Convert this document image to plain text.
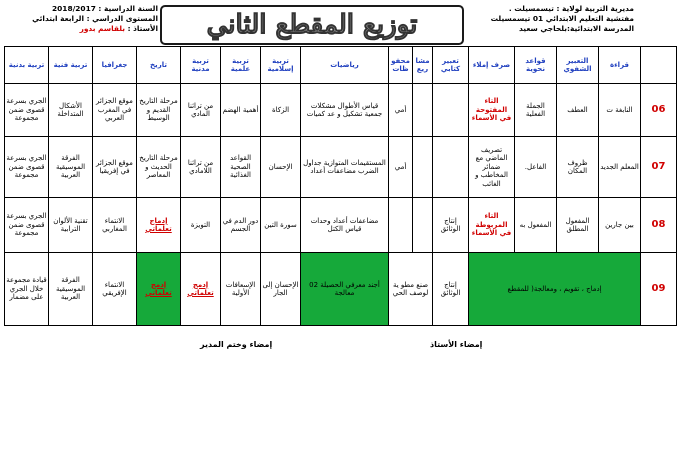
مديرية التربية لولاية : تيسمسيلت .
مفتشية التعليم الابتدائي 01 تيسمسيلت
المدرسة الابتدائية:بلحاجي سعيد
توزيع المقطع الثاني
السنة الدراسية : 2018/2017
المستوى الدراسي : الرابعة ابتدائي
الأستاذ : بلقاسم بدور
	قراءة	التعبير الشفوي	قواعد نحوية	صرف إملاء	تعبير كتابي	مشاريع	محفوظات	رياضيات	تربية إسلامية	تربية علمية	تربية مدنية	تاريخ	جغرافيا	تربية فنية	تربية بدنية
06	النابغة ت	العطف	الجملة الفعلية	التاء المفتوحة في الأسماء			أمي	قياس الأطوال مشكلات جمعية تشكيل و عد كميات	الزكاة	أهمية الهضم	من تراثنا المادي	مرحلة التاريخ القديم و الوسيط	موقع الجزائر في المغرب العربي	الأشكال المتداخلة	الجري بسرعة قصوى ضمن مجموعة
07	المعلم الجديد	ظروف المكان	الفاعل.	تصريف الماضي مع ضمائر المخاطب و الغائب			أمي	المستقيمات المتوازية جداول الضرب مضاعفات أعداد	الإحسان	القواعد الصحية الغذائية	من تراثنا اللامادي	مرحلة التاريخ الحديث و المعاصر	موقع الجزائر في إفريقيا	الفرقة الموسيقية العربية	الجري بسرعة قصوى ضمن مجموعة
08	بين جارين	المفعول المطلق	المفعول به	التاء المربوطة في الأسماء	إنتاج الوثائق			مضاعفات أعداد وحدات قياس الكتل	سورة التين	دور الدم في الجسم	التويزة	إدماج تعلماتي	الانتماء المغاربي	تقنية الألوان الترابية	الجري بسرعة قصوى ضمن مجموعة
09	إدماج ، تقويم ، ومعالجة( للمقطع				إنتاج الوثائق	صنع مطو ية لوصف الحي		أجند معرفي الحصيلة 02 معالجة	الإحسان إلى الجار	الإسعافات الأولية	إدمج تعلماتي	إدمج تعلماتي	الانتماء الإفريقي	الفرقة الموسيقية العربية	قيادة مجموعة خلال الجري على مضمار
إمضاء الأستاذ
إمضاء وختم المدير
